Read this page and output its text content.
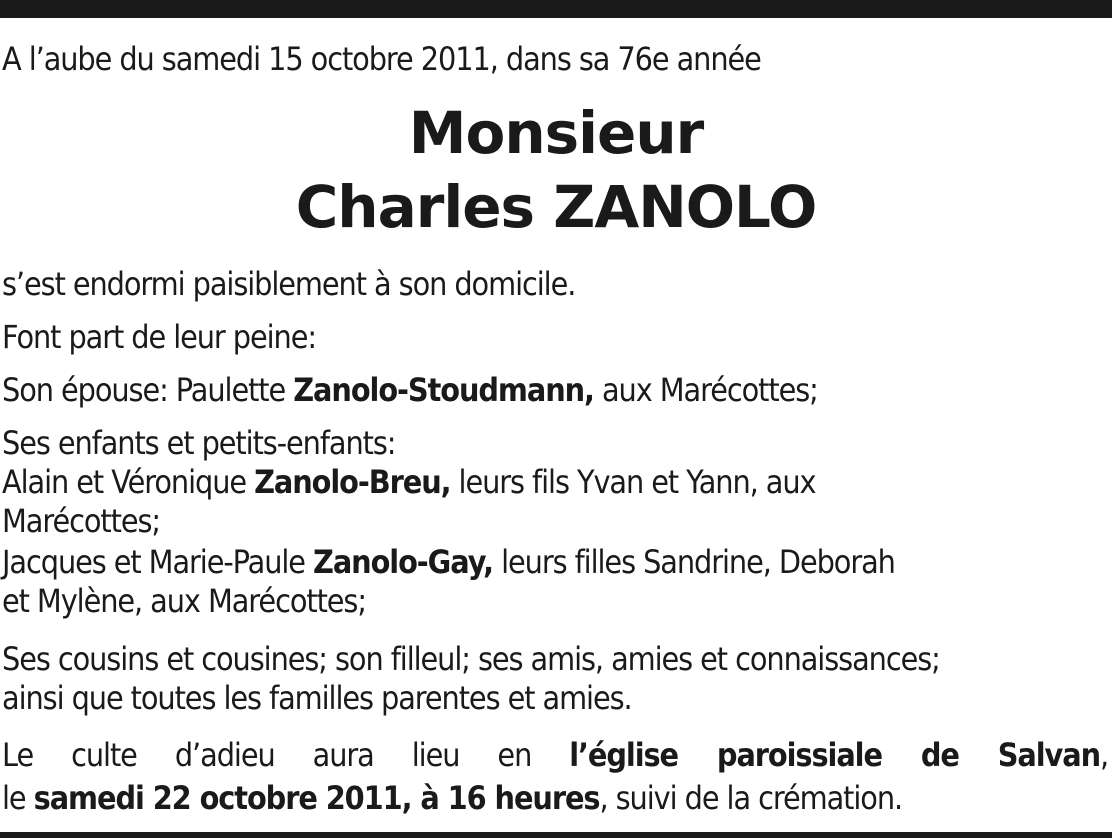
A l’aube du samedi 15 octobre 2011, dans sa 76e année
Monsieur
Charles ZANOLO
s’est endormi paisiblement à son domicile.
Font part de leur peine:
Son épouse: Paulette Zanolo-Stoudmann, aux Marécottes;
Ses enfants et petits-enfants:
Alain et Véronique Zanolo-Breu, leurs fils Yvan et Yann, aux
Marécottes;
Jacques et Marie-Paule Zanolo-Gay, leurs filles Sandrine, Deborah
et Mylène, aux Marécottes;
Ses cousins et cousines; son filleul; ses amis, amies et connaissances;
ainsi que toutes les familles parentes et amies.
Le culte d’adieu aura lieu en l’église paroissiale de Salvan,
le samedi 22 octobre 2011, à 16 heures, suivi de la crémation.
